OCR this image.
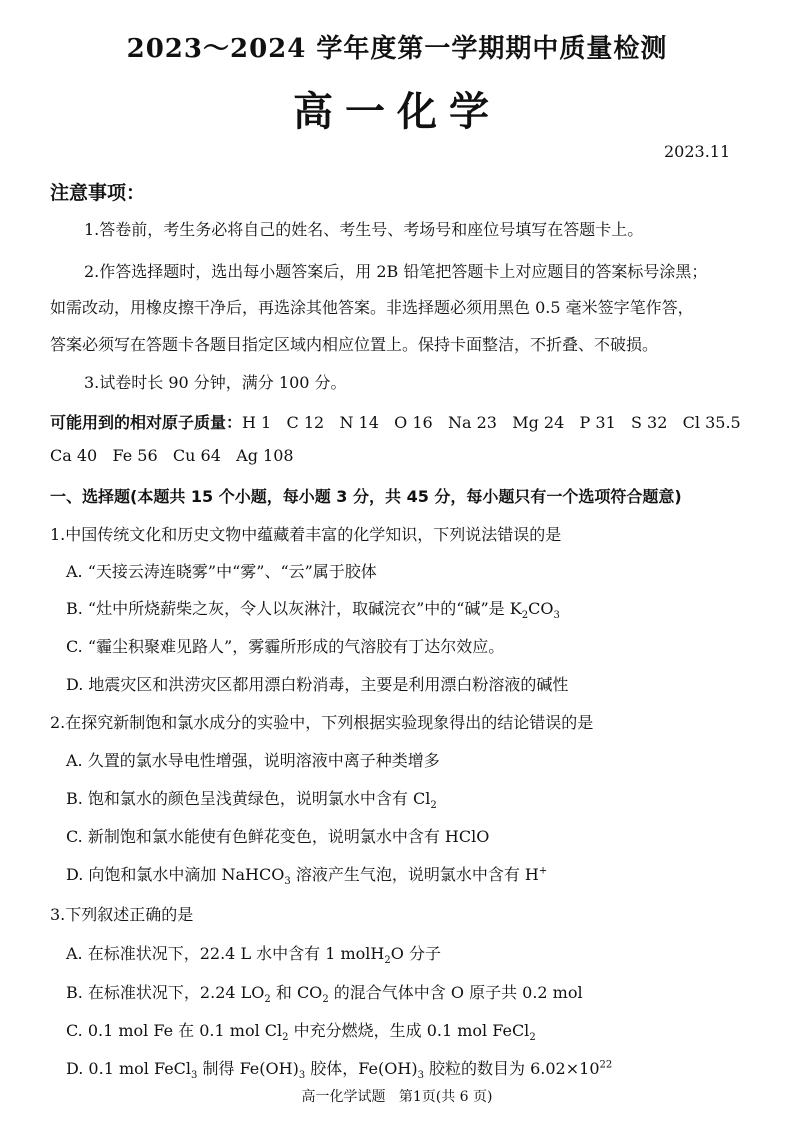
2023～2024 学年度第一学期期中质量检测
高一化学
2023.11
注意事项：
1.答卷前，考生务必将自己的姓名、考生号、考场号和座位号填写在答题卡上。
2.作答选择题时，选出每小题答案后，用 2B 铅笔把答题卡上对应题目的答案标号涂黑；
如需改动，用橡皮擦干净后，再选涂其他答案。非选择题必须用黑色 0.5 毫米签字笔作答，
答案必须写在答题卡各题目指定区域内相应位置上。保持卡面整洁，不折叠、不破损。
3.试卷时长 90 分钟，满分 100 分。
可能用到的相对原子质量：H 1   C 12   N 14   O 16   Na 23   Mg 24   P 31   S 32   Cl 35.5
Ca 40   Fe 56   Cu 64   Ag 108
一、选择题(本题共 15 个小题，每小题 3 分，共 45 分，每小题只有一个选项符合题意)
1.中国传统文化和历史文物中蕴藏着丰富的化学知识，下列说法错误的是
A. “天接云涛连晓雾”中“雾”、“云”属于胶体
B. “灶中所烧薪柴之灰，令人以灰淋汁，取碱浣衣”中的“碱”是 $K_2CO_3$
C. “霾尘积聚难见路人”，雾霾所形成的气溶胶有丁达尔效应。
D. 地震灾区和洪涝灾区都用漂白粉消毒，主要是利用漂白粉溶液的碱性
2.在探究新制饱和氯水成分的实验中，下列根据实验现象得出的结论错误的是
A. 久置的氯水导电性增强，说明溶液中离子种类增多
B. 饱和氯水的颜色呈浅黄绿色，说明氯水中含有 $Cl_2$
C. 新制饱和氯水能使有色鲜花变色，说明氯水中含有 HClO
D. 向饱和氯水中滴加 NaHCO$_3$ 溶液产生气泡，说明氯水中含有 H+
3.下列叙述正确的是
A. 在标准状况下，22.4 L 水中含有 1 molH$_2$O 分子
B. 在标准状况下，2.24 $LO_2$ 和 $CO_2$ 的混合气体中含 O 原子共 0.2 mol
C. 0.1 mol Fe 在 0.1 mol $Cl_2$ 中充分燃烧，生成 0.1 mol FeCl$_2$
D. 0.1 mol FeCl$_3$ 制得 $Fe(OH)_3$ 胶体，$Fe(OH)_3$ 胶粒的数目为 $6.02\times 10^{22}$
高一化学试题   第1页(共 6 页)
